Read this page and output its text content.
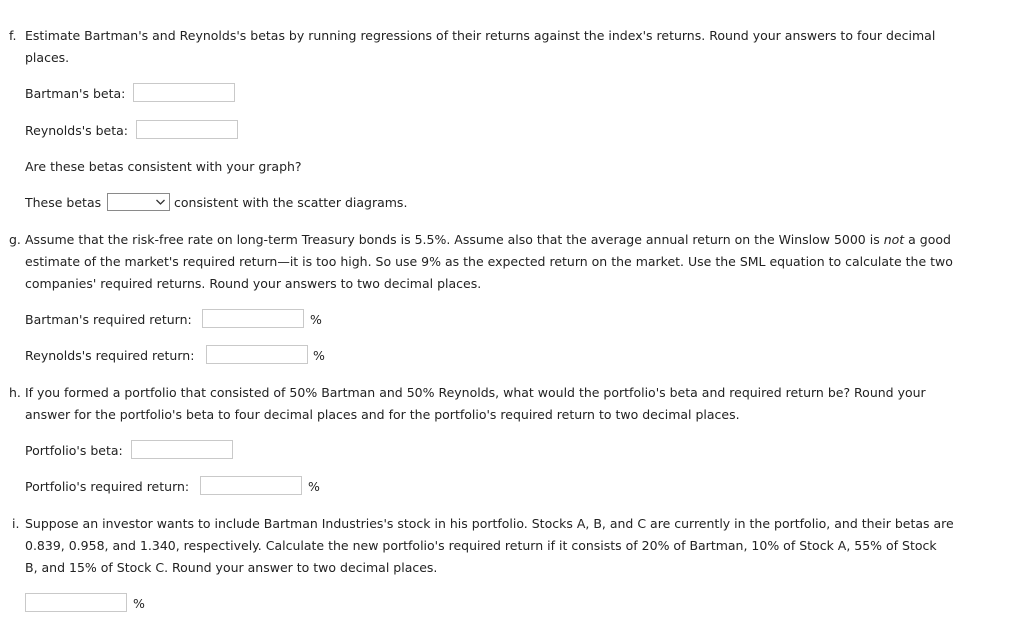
f. Estimate Bartman's and Reynolds's betas by running regressions of their returns against the index's returns. Round your answers to four decimal
places.
Bartman's beta:
Reynolds's beta:
Are these betas consistent with your graph?
These betas	consistent with the scatter diagrams.
g. Assume that the risk-free rate on long-term Treasury bonds is 5.5%. Assume also that the average annual return on the Winslow 5000 is not a good
estimate of the market's required return—it is too high. So use 9% as the expected return on the market. Use the SML equation to calculate the two
companies' required returns. Round your answers to two decimal places.
Bartman's required return:	%
Reynolds's required return:	%
h. If you formed a portfolio that consisted of 50% Bartman and 50% Reynolds, what would the portfolio's beta and required return be? Round your
answer for the portfolio's beta to four decimal places and for the portfolio's required return to two decimal places.
Portfolio's beta:
Portfolio's required return:	%
i. Suppose an investor wants to include Bartman Industries's stock in his portfolio. Stocks A, B, and C are currently in the portfolio, and their betas are
0.839, 0.958, and 1.340, respectively. Calculate the new portfolio's required return if it consists of 20% of Bartman, 10% of Stock A, 55% of Stock
B, and 15% of Stock C. Round your answer to two decimal places.
%
